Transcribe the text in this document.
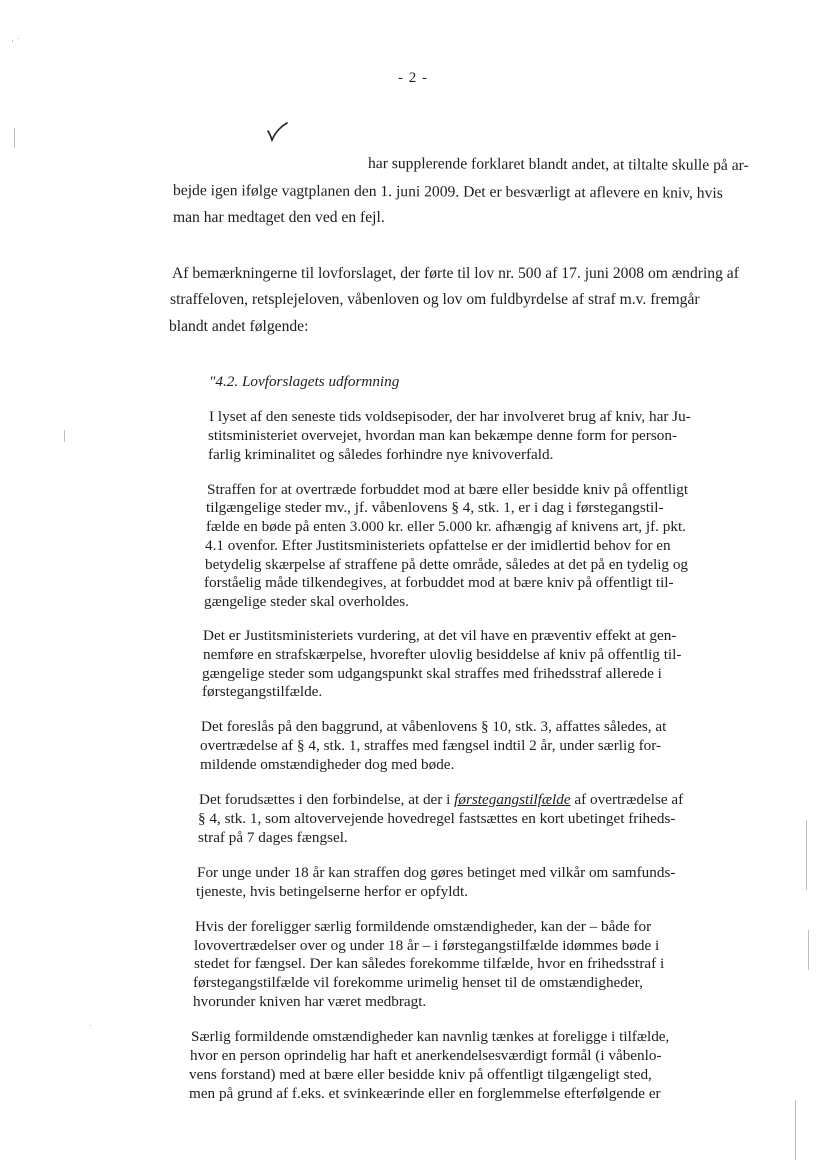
- 2 -
har supplerende forklaret blandt andet, at tiltalte skulle på ar-
bejde igen ifølge vagtplanen den 1. juni 2009. Det er besværligt at aflevere en kniv, hvis
man har medtaget den ved en fejl.
Af bemærkningerne til lovforslaget, der førte til lov nr. 500 af 17. juni 2008 om ændring af
straffeloven, retsplejeloven, våbenloven og lov om fuldbyrdelse af straf m.v. fremgår
blandt andet følgende:
"4.2. Lovforslagets udformning
I lyset af den seneste tids voldsepisoder, der har involveret brug af kniv, har Ju-
stitsministeriet overvejet, hvordan man kan bekæmpe denne form for person-
farlig kriminalitet og således forhindre nye knivoverfald.
Straffen for at overtræde forbuddet mod at bære eller besidde kniv på offentligt
tilgængelige steder mv., jf. våbenlovens § 4, stk. 1, er i dag i førstegangstil-
fælde en bøde på enten 3.000 kr. eller 5.000 kr. afhængig af knivens art, jf. pkt.
4.1 ovenfor. Efter Justitsministeriets opfattelse er der imidlertid behov for en
betydelig skærpelse af straffene på dette område, således at det på en tydelig og
forståelig måde tilkendegives, at forbuddet mod at bære kniv på offentligt til-
gængelige steder skal overholdes.
Det er Justitsministeriets vurdering, at det vil have en præventiv effekt at gen-
nemføre en strafskærpelse, hvorefter ulovlig besiddelse af kniv på offentlig til-
gængelige steder som udgangspunkt skal straffes med frihedsstraf allerede i
førstegangstilfælde.
Det foreslås på den baggrund, at våbenlovens § 10, stk. 3, affattes således, at
overtrædelse af § 4, stk. 1, straffes med fængsel indtil 2 år, under særlig for-
mildende omstændigheder dog med bøde.
Det forudsættes i den forbindelse, at der i førstegangstilfælde af overtrædelse af
§ 4, stk. 1, som altovervejende hovedregel fastsættes en kort ubetinget friheds-
straf på 7 dages fængsel.
For unge under 18 år kan straffen dog gøres betinget med vilkår om samfunds-
tjeneste, hvis betingelserne herfor er opfyldt.
Hvis der foreligger særlig formildende omstændigheder, kan der – både for
lovovertrædelser over og under 18 år – i førstegangstilfælde idømmes bøde i
stedet for fængsel. Der kan således forekomme tilfælde, hvor en frihedsstraf i
førstegangstilfælde vil forekomme urimelig henset til de omstændigheder,
hvorunder kniven har været medbragt.
Særlig formildende omstændigheder kan navnlig tænkes at foreligge i tilfælde,
hvor en person oprindelig har haft et anerkendelsesværdigt formål (i våbenlo-
vens forstand) med at bære eller besidde kniv på offentligt tilgængeligt sted,
men på grund af f.eks. et svinkeærinde eller en forglemmelse efterfølgende er
